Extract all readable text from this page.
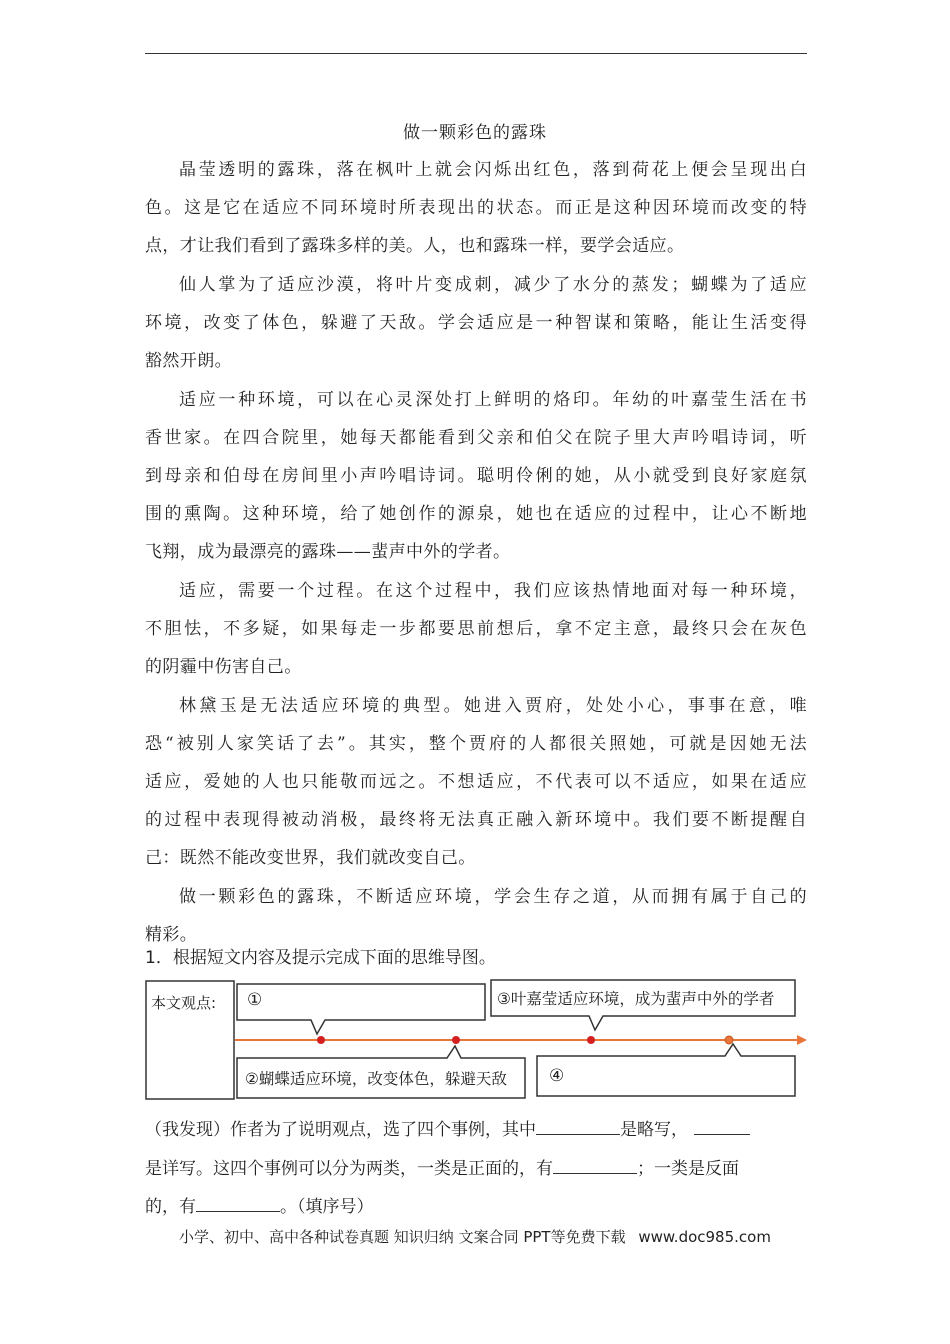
做一颗彩色的露珠
晶莹透明的露珠，落在枫叶上就会闪烁出红色，落到荷花上便会呈现出白
色。这是它在适应不同环境时所表现出的状态。而正是这种因环境而改变的特
点，才让我们看到了露珠多样的美。人，也和露珠一样，要学会适应。
仙人掌为了适应沙漠，将叶片变成刺，减少了水分的蒸发；蝴蝶为了适应
环境，改变了体色，躲避了天敌。学会适应是一种智谋和策略，能让生活变得
豁然开朗。
适应一种环境，可以在心灵深处打上鲜明的烙印。年幼的叶嘉莹生活在书
香世家。在四合院里，她每天都能看到父亲和伯父在院子里大声吟唱诗词，听
到母亲和伯母在房间里小声吟唱诗词。聪明伶俐的她，从小就受到良好家庭氛
围的熏陶。这种环境，给了她创作的源泉，她也在适应的过程中，让心不断地
飞翔，成为最漂亮的露珠——蜚声中外的学者。
适应，需要一个过程。在这个过程中，我们应该热情地面对每一种环境，
不胆怯，不多疑，如果每走一步都要思前想后，拿不定主意，最终只会在灰色
的阴霾中伤害自己。
林黛玉是无法适应环境的典型。她进入贾府，处处小心，事事在意，唯
恐“被别人家笑话了去”。其实，整个贾府的人都很关照她，可就是因她无法
适应，爱她的人也只能敬而远之。不想适应，不代表可以不适应，如果在适应
的过程中表现得被动消极，最终将无法真正融入新环境中。我们要不断提醒自
己：既然不能改变世界，我们就改变自己。
做一颗彩色的露珠，不断适应环境，学会生存之道，从而拥有属于自己的
精彩。
1．根据短文内容及提示完成下面的思维导图。
本文观点: ①	③叶嘉莹适应环境，成为蜚声中外的学者
②蝴蝶适应环境，改变体色，躲避天敌 ④
（我发现）作者为了说明观点，选了四个事例，其中	是略写，
是详写。这四个事例可以分为两类，一类是正面的，有	；一类是反面
的，有	。（填序号）
小学、初中、高中各种试卷真题 知识归纳 文案合同 PPT等免费下载 www.doc985.com
